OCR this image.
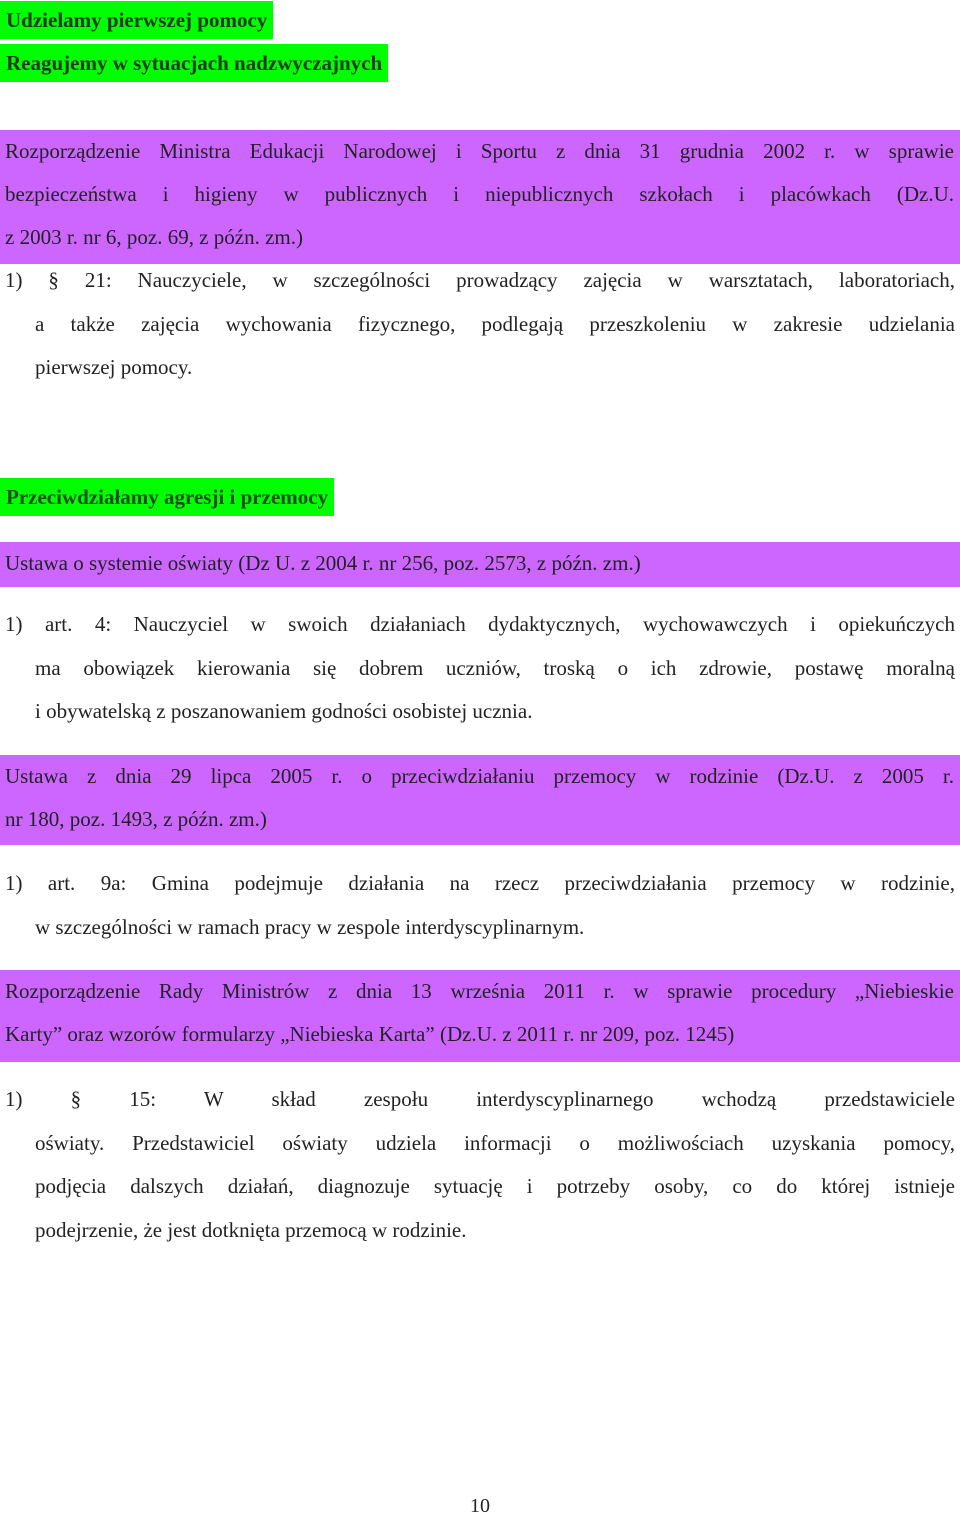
Udzielamy pierwszej pomocy
Reagujemy w sytuacjach nadzwyczajnych
Rozporządzenie Ministra Edukacji Narodowej i Sportu z dnia 31 grudnia 2002 r. w sprawie
bezpieczeństwa i higieny w publicznych i niepublicznych szkołach i placówkach (Dz.U.
z 2003 r. nr 6, poz. 69, z późn. zm.)
1) § 21: Nauczyciele, w szczególności prowadzący zajęcia w warsztatach, laboratoriach,
a także zajęcia wychowania fizycznego, podlegają przeszkoleniu w zakresie udzielania
pierwszej pomocy.
Przeciwdziałamy agresji i przemocy
Ustawa o systemie oświaty (Dz U. z 2004 r. nr 256, poz. 2573, z późn. zm.)
1) art. 4: Nauczyciel w swoich działaniach dydaktycznych, wychowawczych i opiekuńczych
ma obowiązek kierowania się dobrem uczniów, troską o ich zdrowie, postawę moralną
i obywatelską z poszanowaniem godności osobistej ucznia.
Ustawa z dnia 29 lipca 2005 r. o przeciwdziałaniu przemocy w rodzinie (Dz.U. z 2005 r.
nr 180, poz. 1493, z późn. zm.)
1) art. 9a: Gmina podejmuje działania na rzecz przeciwdziałania przemocy w rodzinie,
w szczególności w ramach pracy w zespole interdyscyplinarnym.
Rozporządzenie Rady Ministrów z dnia 13 września 2011 r. w sprawie procedury „Niebieskie
Karty” oraz wzorów formularzy „Niebieska Karta” (Dz.U. z 2011 r. nr 209, poz. 1245)
1) § 15: W skład zespołu interdyscyplinarnego wchodzą przedstawiciele
oświaty. Przedstawiciel oświaty udziela informacji o możliwościach uzyskania pomocy,
podjęcia dalszych działań, diagnozuje sytuację i potrzeby osoby, co do której istnieje
podejrzenie, że jest dotknięta przemocą w rodzinie.
10
